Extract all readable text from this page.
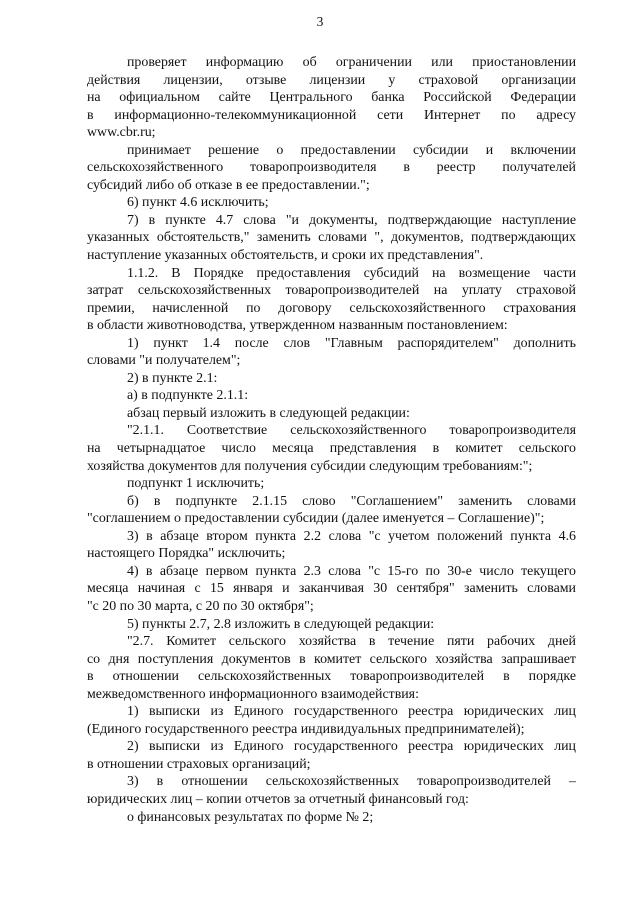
3

проверяет информацию об ограничении или приостановлении

действия лицензии, отзыве лицензии у страховой организации

на официальном сайте Центрального банка Российской Федерации

в информационно-телекоммуникационной сети Интернет по адресу

www.cbr.ru;

принимает решение о предоставлении субсидии и включении

сельскохозяйственного товаропроизводителя в реестр получателей

субсидий либо об отказе в ее предоставлении.";

6) пункт 4.6 исключить;

7) в пункте 4.7 слова "и документы, подтверждающие наступление

указанных обстоятельств," заменить словами ", документов, подтверждающих

наступление указанных обстоятельств, и сроки их представления".

1.1.2. В Порядке предоставления субсидий на возмещение части

затрат сельскохозяйственных товаропроизводителей на уплату страховой

премии, начисленной по договору сельскохозяйственного страхования

в области животноводства, утвержденном названным постановлением:

1) пункт 1.4 после слов "Главным распорядителем" дополнить

словами "и получателем";

2) в пункте 2.1:

а) в подпункте 2.1.1:

абзац первый изложить в следующей редакции:

"2.1.1. Соответствие сельскохозяйственного товаропроизводителя

на четырнадцатое число месяца представления в комитет сельского

хозяйства документов для получения субсидии следующим требованиям:";

подпункт 1 исключить;

б) в подпункте 2.1.15 слово "Соглашением" заменить словами

"соглашением о предоставлении субсидии (далее именуется – Соглашение)";

3) в абзаце втором пункта 2.2 слова "с учетом положений пункта 4.6

настоящего Порядка" исключить;

4) в абзаце первом пункта 2.3 слова "с 15-го по 30-е число текущего

месяца начиная с 15 января и заканчивая 30 сентября" заменить словами

"с 20 по 30 марта, с 20 по 30 октября";

5) пункты 2.7, 2.8 изложить в следующей редакции:

"2.7. Комитет сельского хозяйства в течение пяти рабочих дней

со дня поступления документов в комитет сельского хозяйства запрашивает

в отношении сельскохозяйственных товаропроизводителей в порядке

межведомственного информационного взаимодействия:

1) выписки из Единого государственного реестра юридических лиц

(Единого государственного реестра индивидуальных предпринимателей);

2) выписки из Единого государственного реестра юридических лиц

в отношении страховых организаций;

3) в отношении сельскохозяйственных товаропроизводителей –

юридических лиц – копии отчетов за отчетный финансовый год:

о финансовых результатах по форме № 2;
